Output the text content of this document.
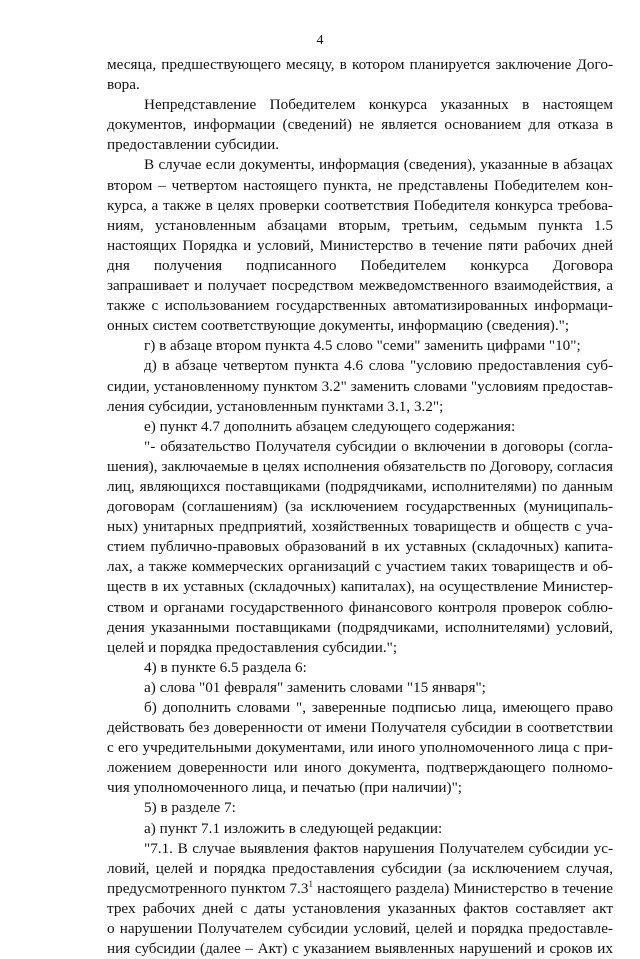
4
месяца, предшествующего месяцу, в котором планируется заключение Дого-
вора.
Непредставление Победителем конкурса указанных в настоящем
документов, информации (сведений) не является основанием для отказа в
предоставлении субсидии.
В случае если документы, информация (сведения), указанные в абзацах
втором – четвертом настоящего пункта, не представлены Победителем кон-
курса, а также в целях проверки соответствия Победителя конкурса требова-
ниям, установленным абзацами вторым, третьим, седьмым пункта 1.5
настоящих Порядка и условий, Министерство в течение пяти рабочих дней
дня получения подписанного Победителем конкурса Договора
запрашивает и получает посредством межведомственного взаимодействия, а
также с использованием государственных автоматизированных информаци-
онных систем соответствующие документы, информацию (сведения).";
г) в абзаце втором пункта 4.5 слово "семи" заменить цифрами "10";
д) в абзаце четвертом пункта 4.6 слова "условию предоставления суб-
сидии, установленному пунктом 3.2" заменить словами "условиям предостав-
ления субсидии, установленным пунктами 3.1, 3.2";
е) пункт 4.7 дополнить абзацем следующего содержания:
"- обязательство Получателя субсидии о включении в договоры (согла-
шения), заключаемые в целях исполнения обязательств по Договору, согласия
лиц, являющихся поставщиками (подрядчиками, исполнителями) по данным
договорам (соглашениям) (за исключением государственных (муниципаль-
ных) унитарных предприятий, хозяйственных товариществ и обществ с уча-
стием публично-правовых образований в их уставных (складочных) капита-
лах, а также коммерческих организаций с участием таких товариществ и об-
ществ в их уставных (складочных) капиталах), на осуществление Министер-
ством и органами государственного финансового контроля проверок соблю-
дения указанными поставщиками (подрядчиками, исполнителями) условий,
целей и порядка предоставления субсидии.";
4) в пункте 6.5 раздела 6:
а) слова "01 февраля" заменить словами "15 января";
б) дополнить словами ", заверенные подписью лица, имеющего право
действовать без доверенности от имени Получателя субсидии в соответствии
с его учредительными документами, или иного уполномоченного лица с при-
ложением доверенности или иного документа, подтверждающего полномо-
чия уполномоченного лица, и печатью (при наличии)";
5) в разделе 7:
а) пункт 7.1 изложить в следующей редакции:
"7.1. В случае выявления фактов нарушения Получателем субсидии ус-
ловий, целей и порядка предоставления субсидии (за исключением случая,
предусмотренного пунктом $7.3^1$ настоящего раздела) Министерство в течение
трех рабочих дней с даты установления указанных фактов составляет акт
о нарушении Получателем субсидии условий, целей и порядка предоставле-
ния субсидии (далее – Акт) с указанием выявленных нарушений и сроков их
